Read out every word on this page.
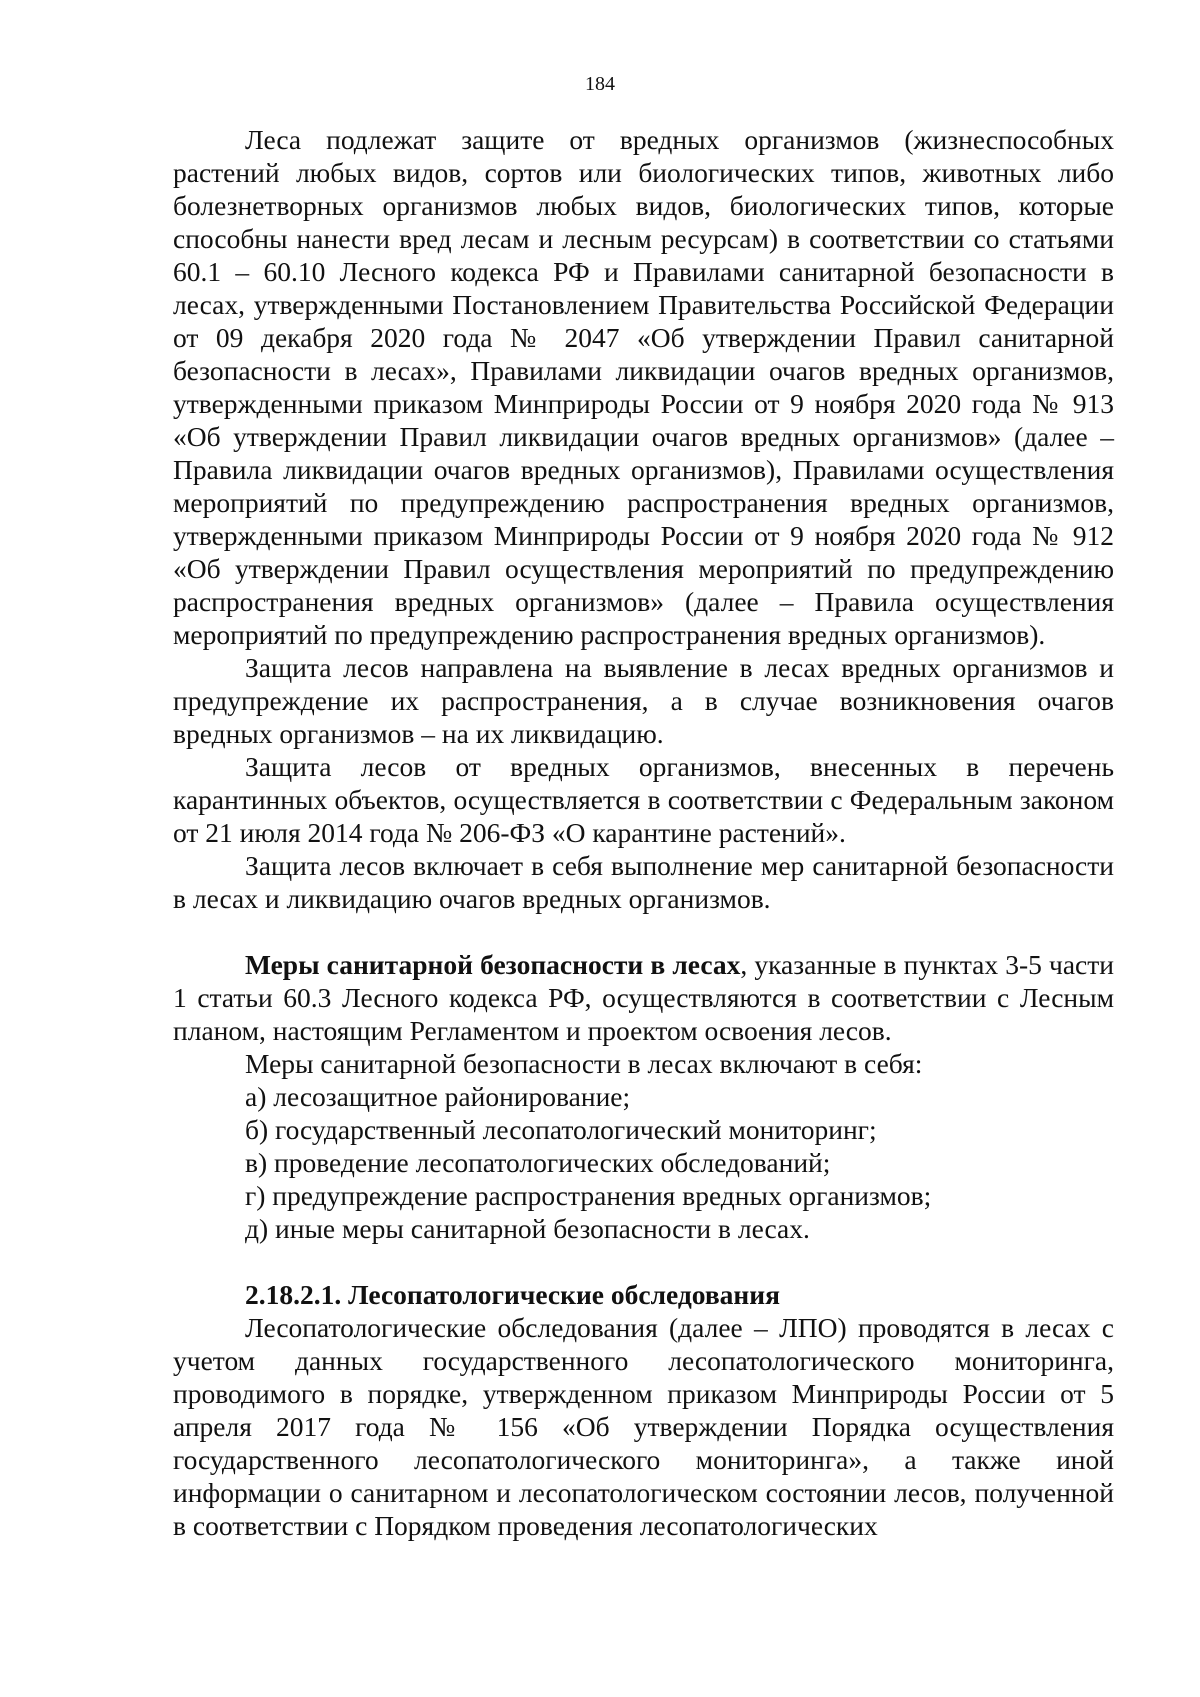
184

Леса подлежат защите от вредных организмов (жизнеспособных растений любых видов, сортов или биологических типов, животных либо болезнетворных организмов любых видов, биологических типов, которые способны нанести вред лесам и лесным ресурсам) в соответствии со статьями 60.1 – 60.10 Лесного кодекса РФ и Правилами санитарной безопасности в лесах, утвержденными Постановлением Правительства Российской Федерации от 09 декабря 2020 года № 2047 «Об утверждении Правил санитарной безопасности в лесах», Правилами ликвидации очагов вредных организмов, утвержденными приказом Минприроды России от 9 ноября 2020 года № 913 «Об утверждении Правил ликвидации очагов вредных организмов» (далее – Правила ликвидации очагов вредных организмов), Правилами осуществления мероприятий по предупреждению распространения вредных организмов, утвержденными приказом Минприроды России от 9 ноября 2020 года № 912 «Об утверждении Правил осуществления мероприятий по предупреждению распространения вредных организмов» (далее – Правила осуществления мероприятий по предупреждению распространения вредных организмов).

Защита лесов направлена на выявление в лесах вредных организмов и предупреждение их распространения, а в случае возникновения очагов вредных организмов – на их ликвидацию.

Защита лесов от вредных организмов, внесенных в перечень карантинных объектов, осуществляется в соответствии с Федеральным законом от 21 июля 2014 года № 206-ФЗ «О карантине растений».

Защита лесов включает в себя выполнение мер санитарной безопасности в лесах и ликвидацию очагов вредных организмов.

Меры санитарной безопасности в лесах, указанные в пунктах 3-5 части 1 статьи 60.3 Лесного кодекса РФ, осуществляются в соответствии с Лесным планом, настоящим Регламентом и проектом освоения лесов.

Меры санитарной безопасности в лесах включают в себя:

а) лесозащитное районирование;

б) государственный лесопатологический мониторинг;

в) проведение лесопатологических обследований;

г) предупреждение распространения вредных организмов;

д) иные меры санитарной безопасности в лесах.

2.18.2.1. Лесопатологические обследования

Лесопатологические обследования (далее – ЛПО) проводятся в лесах с учетом данных государственного лесопатологического мониторинга, проводимого в порядке, утвержденном приказом Минприроды России от 5 апреля 2017 года № 156 «Об утверждении Порядка осуществления государственного лесопатологического мониторинга», а также иной информации о санитарном и лесопатологическом состоянии лесов, полученной в соответствии с Порядком проведения лесопатологических
